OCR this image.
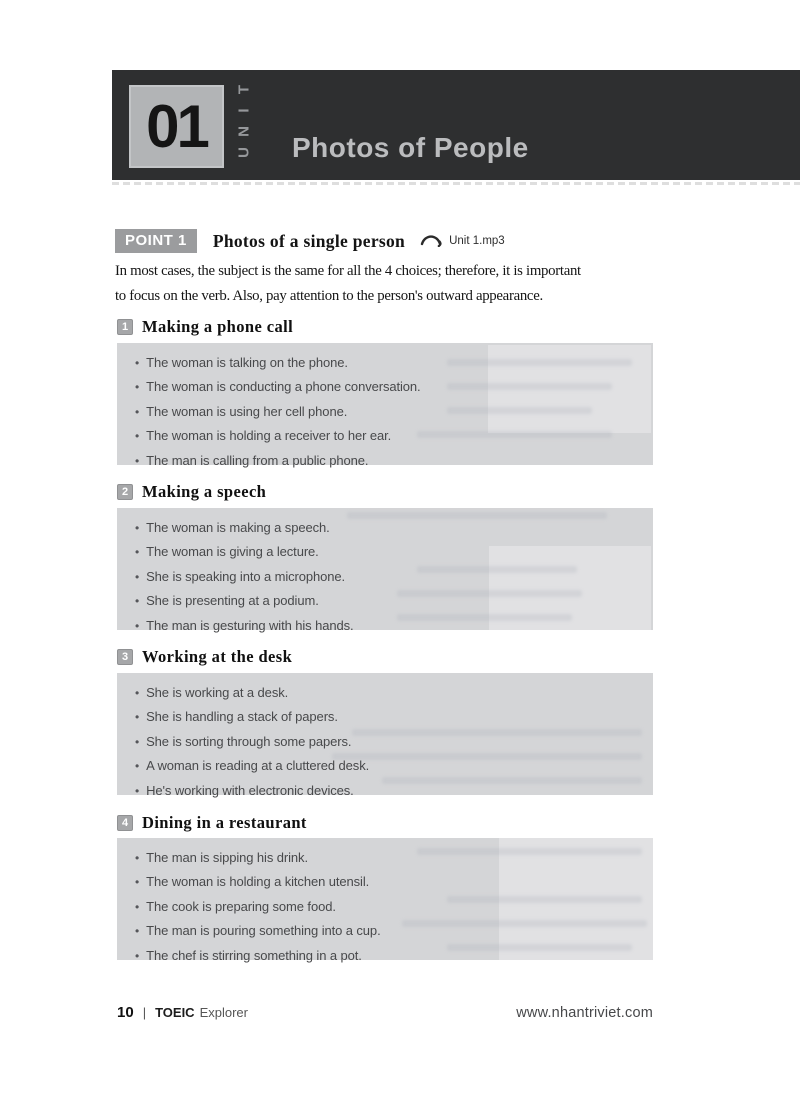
01
T
I
N
U Photos of People
POINT 1	Photos of a single person	Unit 1.mp3
In most cases, the subject is the same for all the 4 choices; therefore, it is important
to focus on the verb. Also, pay attention to the person's outward appearance.
1 Making a phone call
• The woman is talking on the phone.
• The woman is conducting a phone conversation.
• The woman is using her cell phone.
• The woman is holding a receiver to her ear.
• The man is calling from a public phone.
2 Making a speech
• The woman is making a speech.
• The woman is giving a lecture.
• She is speaking into a microphone.
• She is presenting at a podium.
• The man is gesturing with his hands.
3 Working at the desk
• She is working at a desk.
• She is handling a stack of papers.
• She is sorting through some papers.
• A woman is reading at a cluttered desk.
• He's working with electronic devices.
4 Dining in a restaurant
• The man is sipping his drink.
• The woman is holding a kitchen utensil.
• The cook is preparing some food.
• The man is pouring something into a cup.
• The chef is stirring something in a pot.
10 | TOEIC Explorer	www.nhantriviet.com
